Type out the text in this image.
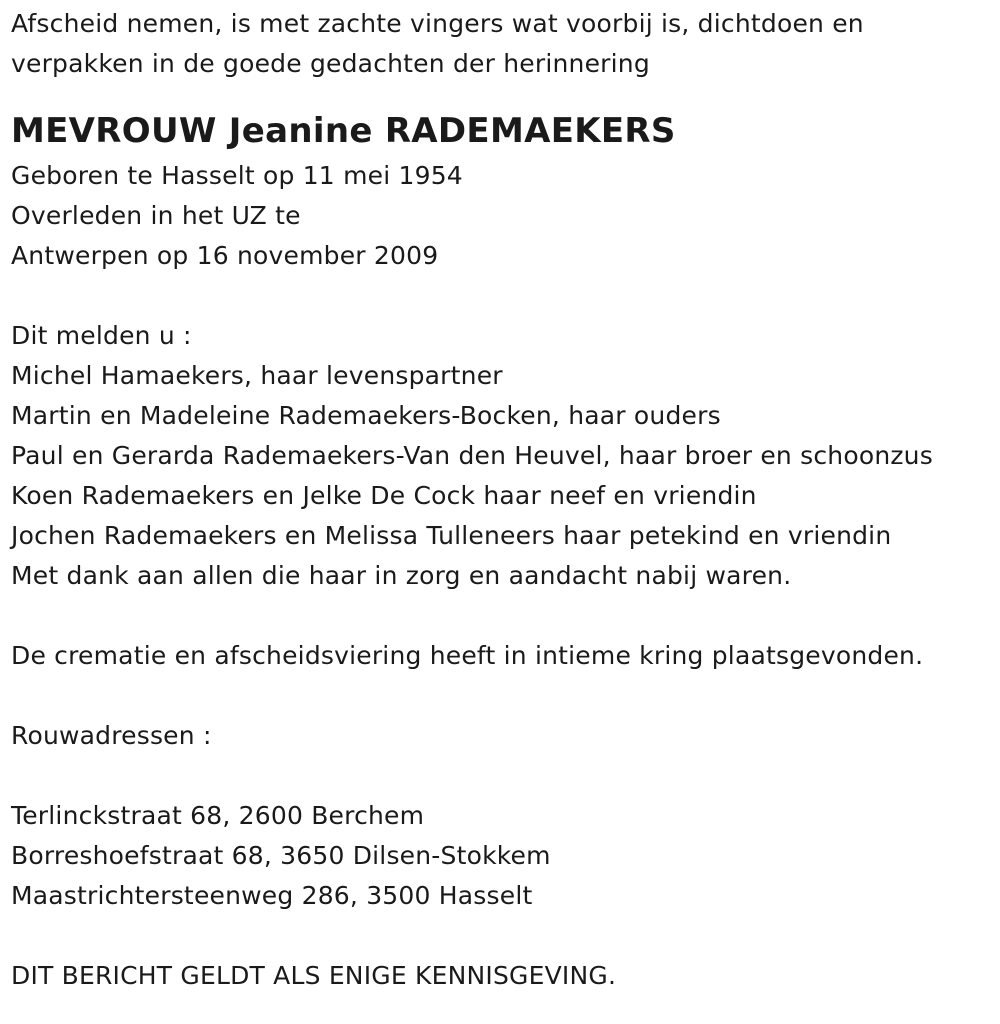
Afscheid nemen, is met zachte vingers wat voorbij is, dichtdoen en
verpakken in de goede gedachten der herinnering
MEVROUW Jeanine RADEMAEKERS
Geboren te Hasselt op 11 mei 1954
Overleden in het UZ te
Antwerpen op 16 november 2009
Dit melden u :
Michel Hamaekers, haar levenspartner
Martin en Madeleine Rademaekers-Bocken, haar ouders
Paul en Gerarda Rademaekers-Van den Heuvel, haar broer en schoonzus
Koen Rademaekers en Jelke De Cock haar neef en vriendin
Jochen Rademaekers en Melissa Tulleneers haar petekind en vriendin
Met dank aan allen die haar in zorg en aandacht nabij waren.
De crematie en afscheidsviering heeft in intieme kring plaatsgevonden.
Rouwadressen :
Terlinckstraat 68, 2600 Berchem
Borreshoefstraat 68, 3650 Dilsen-Stokkem
Maastrichtersteenweg 286, 3500 Hasselt
DIT BERICHT GELDT ALS ENIGE KENNISGEVING.
